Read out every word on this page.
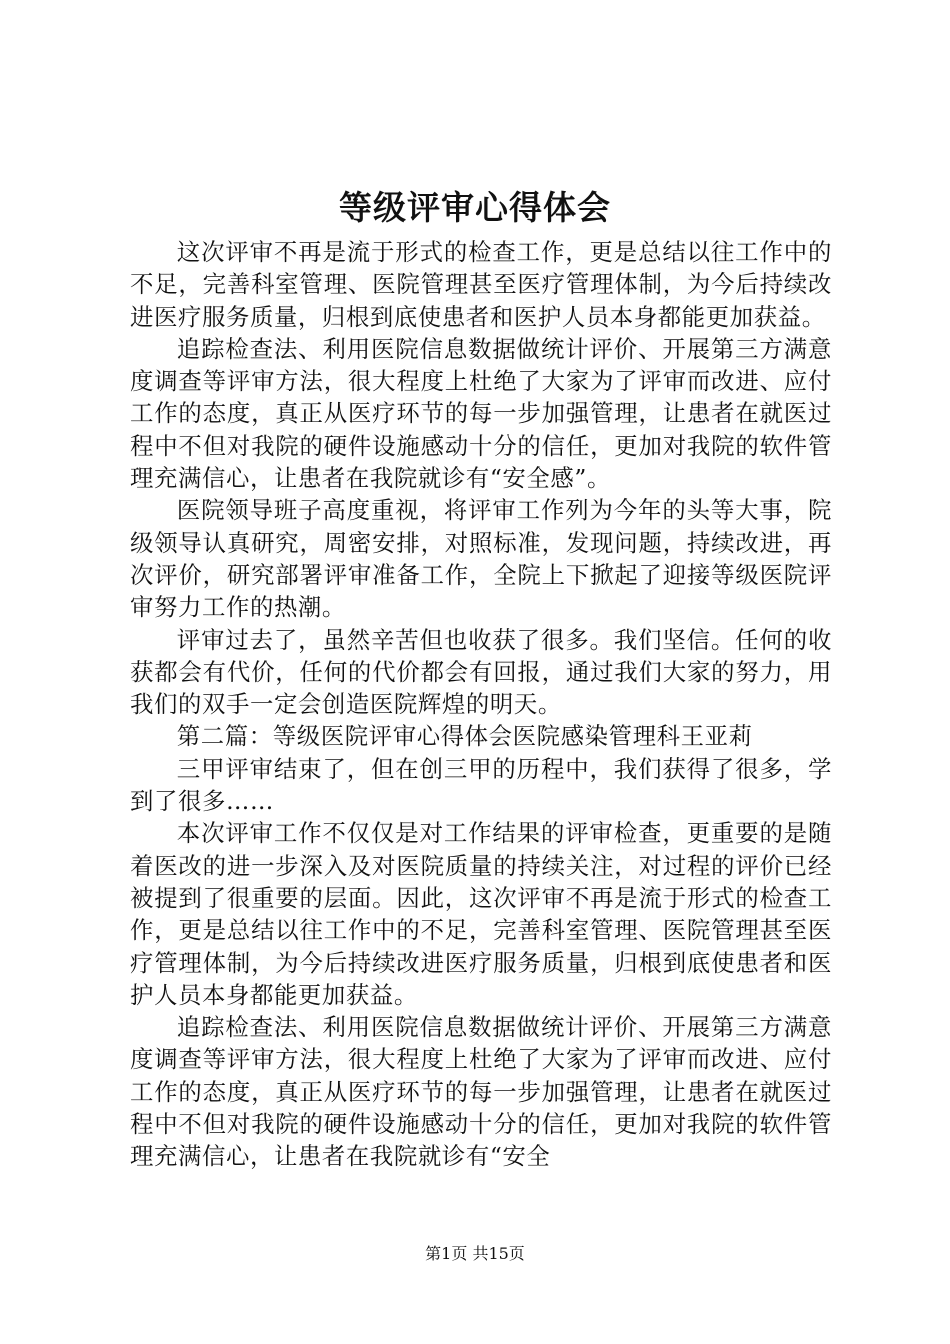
等级评审心得体会

这次评审不再是流于形式的检查工作，更是总结以往工作中的不足，完善科室管理、医院管理甚至医疗管理体制，为今后持续改进医疗服务质量，归根到底使患者和医护人员本身都能更加获益。

追踪检查法、利用医院信息数据做统计评价、开展第三方满意度调查等评审方法，很大程度上杜绝了大家为了评审而改进、应付工作的态度，真正从医疗环节的每一步加强管理，让患者在就医过程中不但对我院的硬件设施感动十分的信任，更加对我院的软件管理充满信心，让患者在我院就诊有“安全感”。

医院领导班子高度重视，将评审工作列为今年的头等大事，院级领导认真研究，周密安排，对照标准，发现问题，持续改进，再次评价，研究部署评审准备工作，全院上下掀起了迎接等级医院评审努力工作的热潮。

评审过去了，虽然辛苦但也收获了很多。我们坚信。任何的收获都会有代价，任何的代价都会有回报，通过我们大家的努力，用我们的双手一定会创造医院辉煌的明天。

第二篇：等级医院评审心得体会医院感染管理科王亚莉

三甲评审结束了，但在创三甲的历程中，我们获得了很多，学到了很多……

本次评审工作不仅仅是对工作结果的评审检查，更重要的是随着医改的进一步深入及对医院质量的持续关注，对过程的评价已经被提到了很重要的层面。因此，这次评审不再是流于形式的检查工作，更是总结以往工作中的不足，完善科室管理、医院管理甚至医疗管理体制，为今后持续改进医疗服务质量，归根到底使患者和医护人员本身都能更加获益。

追踪检查法、利用医院信息数据做统计评价、开展第三方满意度调查等评审方法，很大程度上杜绝了大家为了评审而改进、应付工作的态度，真正从医疗环节的每一步加强管理，让患者在就医过程中不但对我院的硬件设施感动十分的信任，更加对我院的软件管理充满信心，让患者在我院就诊有“安全

第1页 共15页
